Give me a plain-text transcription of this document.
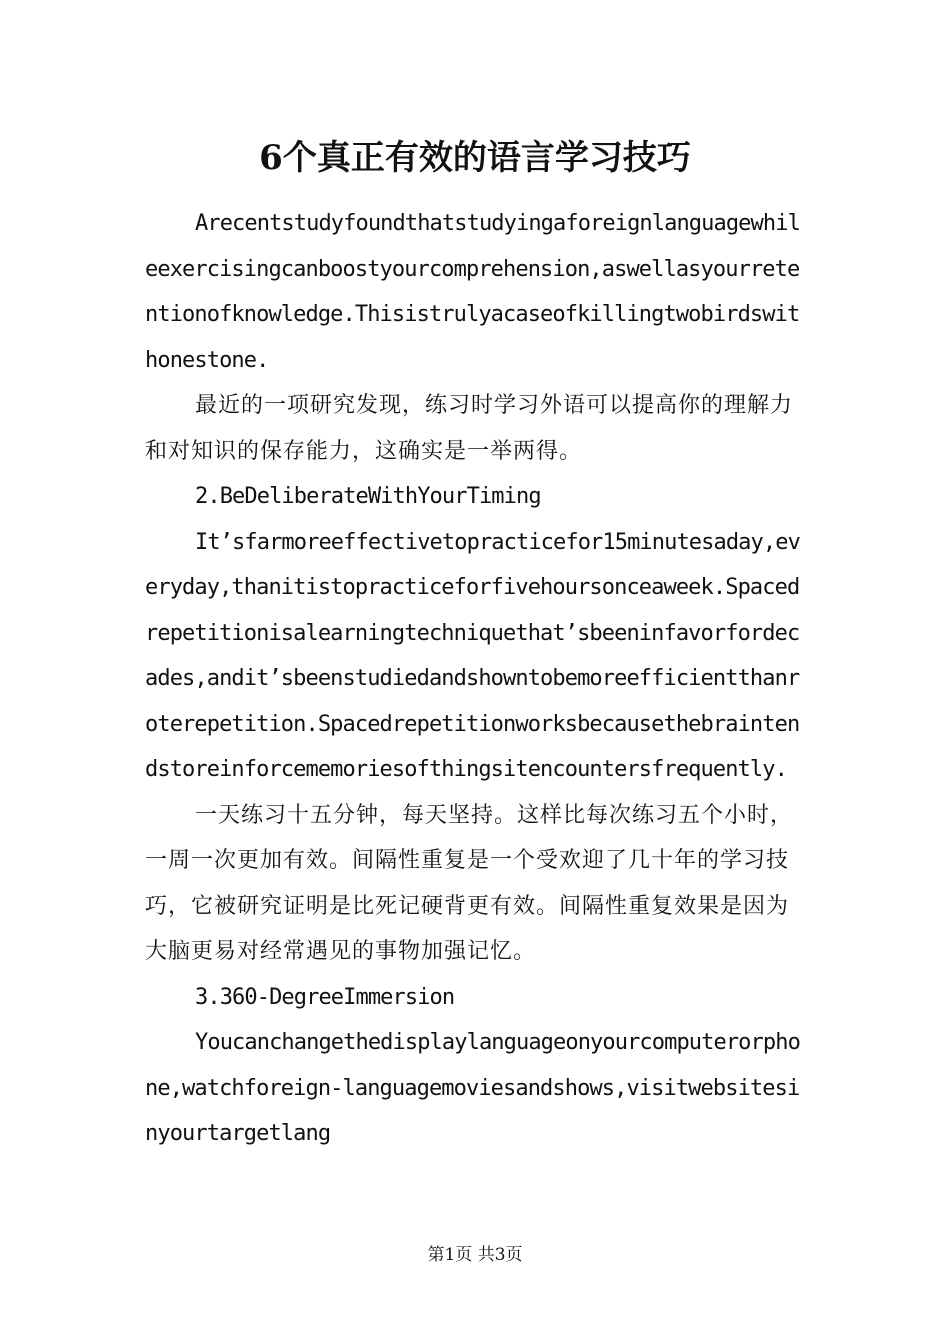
6个真正有效的语言学习技巧

Arecentstudyfoundthatstudyingaforeignlanguagewhileexercisingcanboostyourcomprehension,aswellasyourretentionofknowledge.Thisistrulyacaseofkillingtwobirdswithonestone.

最近的一项研究发现，练习时学习外语可以提高你的理解力和对知识的保存能力，这确实是一举两得。

2.BeDeliberateWithYourTiming

It’sfarmoreeffectivetopracticefor15minutesaday,everyday,thanitistopracticeforfivehoursonceaweek.Spacedrepetitionisalearningtechniquethat’sbeeninfavorfordecades,andit’sbeenstudiedandshowntobemoreefficientthanroterepetition.Spacedrepetitionworksbecausethebraintendstoreinforcememoriesofthingsitencountersfrequently.

一天练习十五分钟，每天坚持。这样比每次练习五个小时，一周一次更加有效。间隔性重复是一个受欢迎了几十年的学习技巧，它被研究证明是比死记硬背更有效。间隔性重复效果是因为大脑更易对经常遇见的事物加强记忆。

3.360-DegreeImmersion

Youcanchangethedisplaylanguageonyourcomputerorphone,watchforeign-languagemoviesandshows,visitwebsitesinyourtargetlang

第1页 共3页
